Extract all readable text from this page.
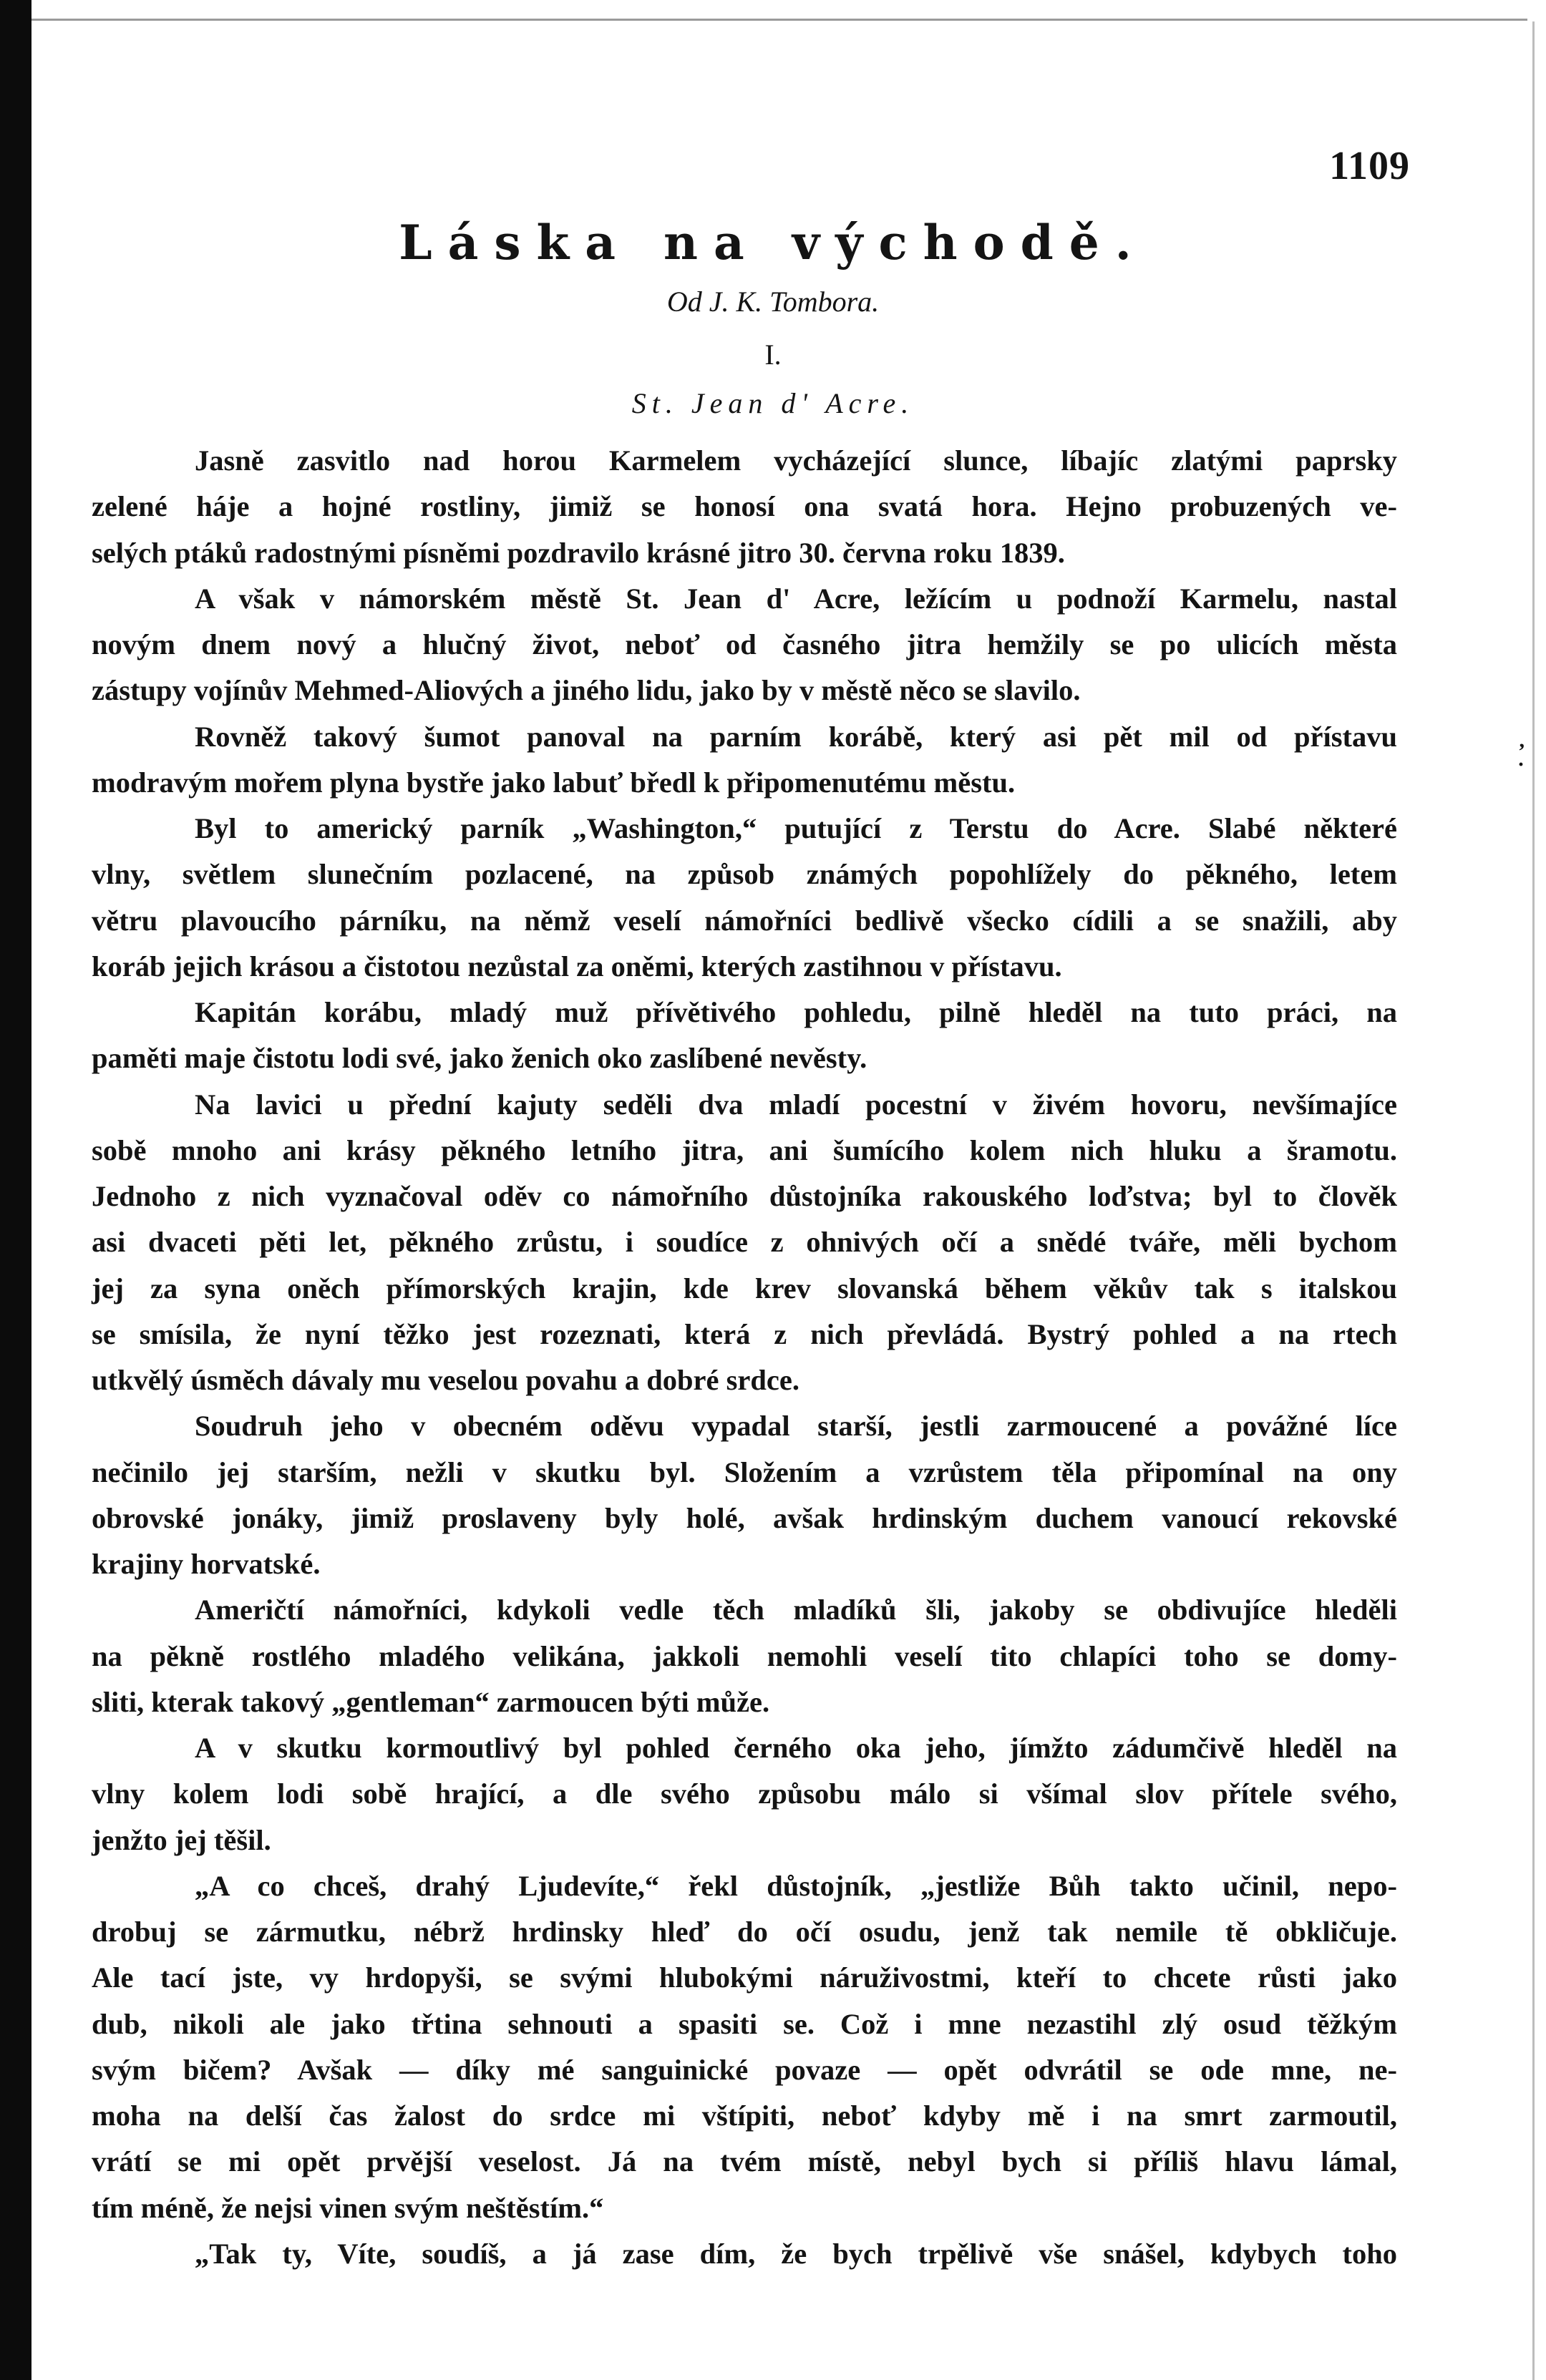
1109
Láska na východě.
Od J. K. Tombora.
I.
St. Jean d' Acre.
,
·
Jasně zasvitlo nad horou Karmelem vycházející slunce, líbajíc zlatými paprsky
zelené háje a hojné rostliny, jimiž se honosí ona svatá hora. Hejno probuzených ve-
selých ptáků radostnými písněmi pozdravilo krásné jitro 30. června roku 1839.
A však v námorském městě St. Jean d' Acre, ležícím u podnoží Karmelu, nastal
novým dnem nový a hlučný život, neboť od časného jitra hemžily se po ulicích města
zástupy vojínův Mehmed-Aliových a jiného lidu, jako by v městě něco se slavilo.
Rovněž takový šumot panoval na parním korábě, který asi pět mil od přístavu
modravým mořem plyna bystře jako labuť bředl k připomenutému městu.
Byl to americký parník „Washington,“ putující z Terstu do Acre. Slabé některé
vlny, světlem slunečním pozlacené, na způsob známých popohlížely do pěkného, letem
větru plavoucího párníku, na němž veselí námořníci bedlivě všecko cídili a se snažili, aby
koráb jejich krásou a čistotou nezůstal za oněmi, kterých zastihnou v přístavu.
Kapitán korábu, mladý muž přívětivého pohledu, pilně hleděl na tuto práci, na
paměti maje čistotu lodi své, jako ženich oko zaslíbené nevěsty.
Na lavici u přední kajuty seděli dva mladí pocestní v živém hovoru, nevšímajíce
sobě mnoho ani krásy pěkného letního jitra, ani šumícího kolem nich hluku a šramotu.
Jednoho z nich vyznačoval oděv co námořního důstojníka rakouského loďstva; byl to člověk
asi dvaceti pěti let, pěkného zrůstu, i soudíce z ohnivých očí a snědé tváře, měli bychom
jej za syna oněch přímorských krajin, kde krev slovanská během věkův tak s italskou
se smísila, že nyní těžko jest rozeznati, která z nich převládá. Bystrý pohled a na rtech
utkvělý úsměch dávaly mu veselou povahu a dobré srdce.
Soudruh jeho v obecném oděvu vypadal starší, jestli zarmoucené a povážné líce
nečinilo jej starším, nežli v skutku byl. Složením a vzrůstem těla připomínal na ony
obrovské jonáky, jimiž proslaveny byly holé, avšak hrdinským duchem vanoucí rekovské
krajiny horvatské.
Američtí námořníci, kdykoli vedle těch mladíků šli, jakoby se obdivujíce hleděli
na pěkně rostlého mladého velikána, jakkoli nemohli veselí tito chlapíci toho se domy-
sliti, kterak takový „gentleman“ zarmoucen býti může.
A v skutku kormoutlivý byl pohled černého oka jeho, jímžto zádumčivě hleděl na
vlny kolem lodi sobě hrající, a dle svého způsobu málo si všímal slov přítele svého,
jenžto jej těšil.
„A co chceš, drahý Ljudevíte,“ řekl důstojník, „jestliže Bůh takto učinil, nepo-
drobuj se zármutku, nébrž hrdinsky hleď do očí osudu, jenž tak nemile tě obkličuje.
Ale tací jste, vy hrdopyši, se svými hlubokými náruživostmi, kteří to chcete růsti jako
dub, nikoli ale jako třtina sehnouti a spasiti se. Což i mne nezastihl zlý osud těžkým
svým bičem? Avšak — díky mé sanguinické povaze — opět odvrátil se ode mne, ne-
moha na delší čas žalost do srdce mi vštípiti, neboť kdyby mě i na smrt zarmoutil,
vrátí se mi opět prvější veselost. Já na tvém místě, nebyl bych si příliš hlavu lámal,
tím méně, že nejsi vinen svým neštěstím.“
„Tak ty, Víte, soudíš, a já zase dím, že bych trpělivě vše snášel, kdybych toho
